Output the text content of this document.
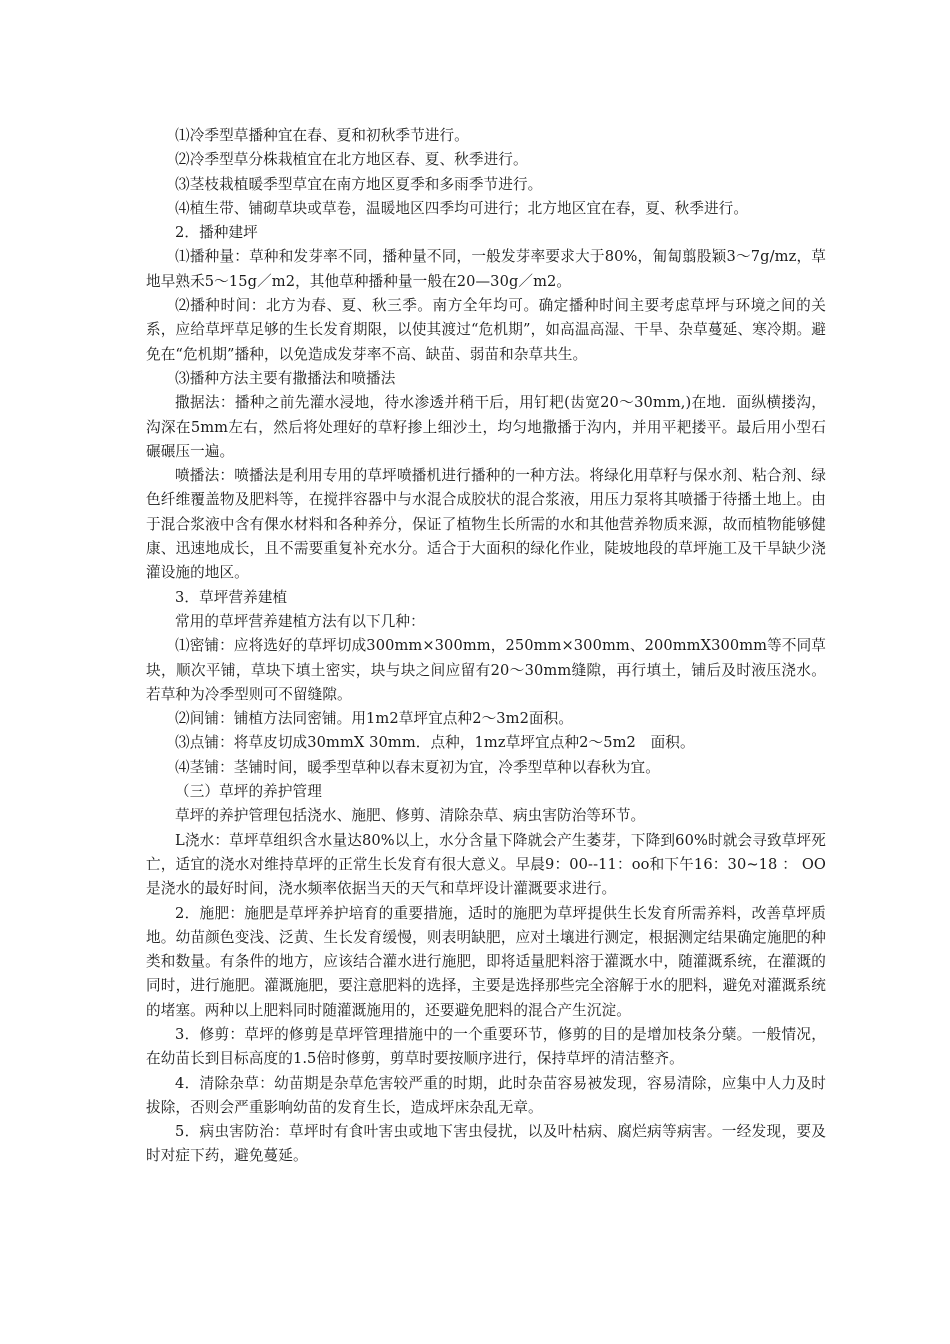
⑴冷季型草播种宜在春、夏和初秋季节进行。

⑵冷季型草分株栽植宜在北方地区春、夏、秋季进行。

⑶茎枝栽植暖季型草宜在南方地区夏季和多雨季节进行。

⑷植生带、铺砌草块或草卷，温暖地区四季均可进行；北方地区宜在春，夏、秋季进行。

2．播种建坪

⑴播种量：草种和发芽率不同，播种量不同，一般发芽率要求大于80%，匍匐翦股颖3～7g/mz，草地早熟禾5～15g／m2，其他草种播种量一般在20—30g／m2。

⑵播种时间：北方为春、夏、秋三季。南方全年均可。确定播种时间主要考虑草坪与环境之间的关系，应给草坪草足够的生长发育期限，以使其渡过“危机期”，如高温高湿、干旱、杂草蔓延、寒冷期。避免在“危机期”播种，以免造成发芽率不高、缺苗、弱苗和杂草共生。

⑶播种方法主要有撒播法和喷播法

撒据法：播种之前先灌水浸地，待水渗透并稍干后，用钉耙(齿宽20～30mm,)在地．面纵横搂沟，沟深在5mm左右，然后将处理好的草籽掺上细沙土，均匀地撒播于沟内，并用平耙搂平。最后用小型石碾碾压一遍。

喷播法：喷播法是利用专用的草坪喷播机进行播种的一种方法。将绿化用草籽与保水剂、粘合剂、绿色纤维覆盖物及肥料等，在搅拌容器中与水混合成胶状的混合浆液，用压力泵将其喷播于待播土地上。由于混合浆液中含有倮水材料和各种养分，保证了植物生长所需的水和其他营养物质来源，故而植物能够健康、迅速地成长，且不需要重复补充水分。适合于大面积的绿化作业，陡坡地段的草坪施工及干旱缺少浇灌设施的地区。

3．草坪营养建植

常用的草坪营养建植方法有以下几种：

⑴密铺：应将选好的草坪切成300mm×300mm，250mm×300mm、200mmX300mm等不同草块，顺次平铺，草块下填土密实，块与块之间应留有20～30mm缝隙，再行填土，铺后及时液压浇水。若草种为冷季型则可不留缝隙。

⑵间铺：铺植方法同密铺。用1m2草坪宜点种2～3m2面积。

⑶点铺：将草皮切成30mmX 30mm．点种，1mz草坪宜点种2～5m2　面积。

⑷茎铺：茎铺时间，暖季型草种以春末夏初为宜，冷季型草种以春秋为宜。

（三）草坪的养护管理

草坪的养护管理包括浇水、施肥、修剪、清除杂草、病虫害防治等环节。

L浇水：草坪草组织含水量达80%以上，水分含量下降就会产生萎芽，下降到60%时就会寻致草坪死亡，适宜的浇水对维持草坪的正常生长发育有很大意义。早晨9：00--11：oo和下午16：30~18 ： OO是浇水的最好时间，浇水频率依据当天的天气和草坪设计灌溉要求进行。

2．施肥：施肥是草坪养护培育的重要措施，适时的施肥为草坪提供生长发育所需养料，改善草坪质地。幼苗颜色变浅、泛黄、生长发育缓慢，则表明缺肥，应对土壤进行测定，根据测定结果确定施肥的种类和数量。有条件的地方，应该结合灌水进行施肥，即将适量肥料溶于灌溉水中，随灌溉系统，在灌溉的同时，进行施肥。灌溉施肥，要注意肥料的选择，主要是选择那些完全溶解于水的肥料，避免对灌溉系统的堵塞。两种以上肥料同时随灌溉施用的，还要避免肥料的混合产生沉淀。

3．修剪：草坪的修剪是草坪管理措施中的一个重要环节，修剪的目的是增加枝条分蘖。一般情况，在幼苗长到目标高度的1.5倍时修剪，剪草时要按顺序进行，保持草坪的清洁整齐。

4．清除杂草：幼苗期是杂草危害较严重的时期，此时杂苗容易被发现，容易清除，应集中人力及时拔除，否则会严重影响幼苗的发育生长，造成坪床杂乱无章。

5．病虫害防治：草坪时有食叶害虫或地下害虫侵扰，以及叶枯病、腐烂病等病害。一经发现，要及时对症下药，避免蔓延。
